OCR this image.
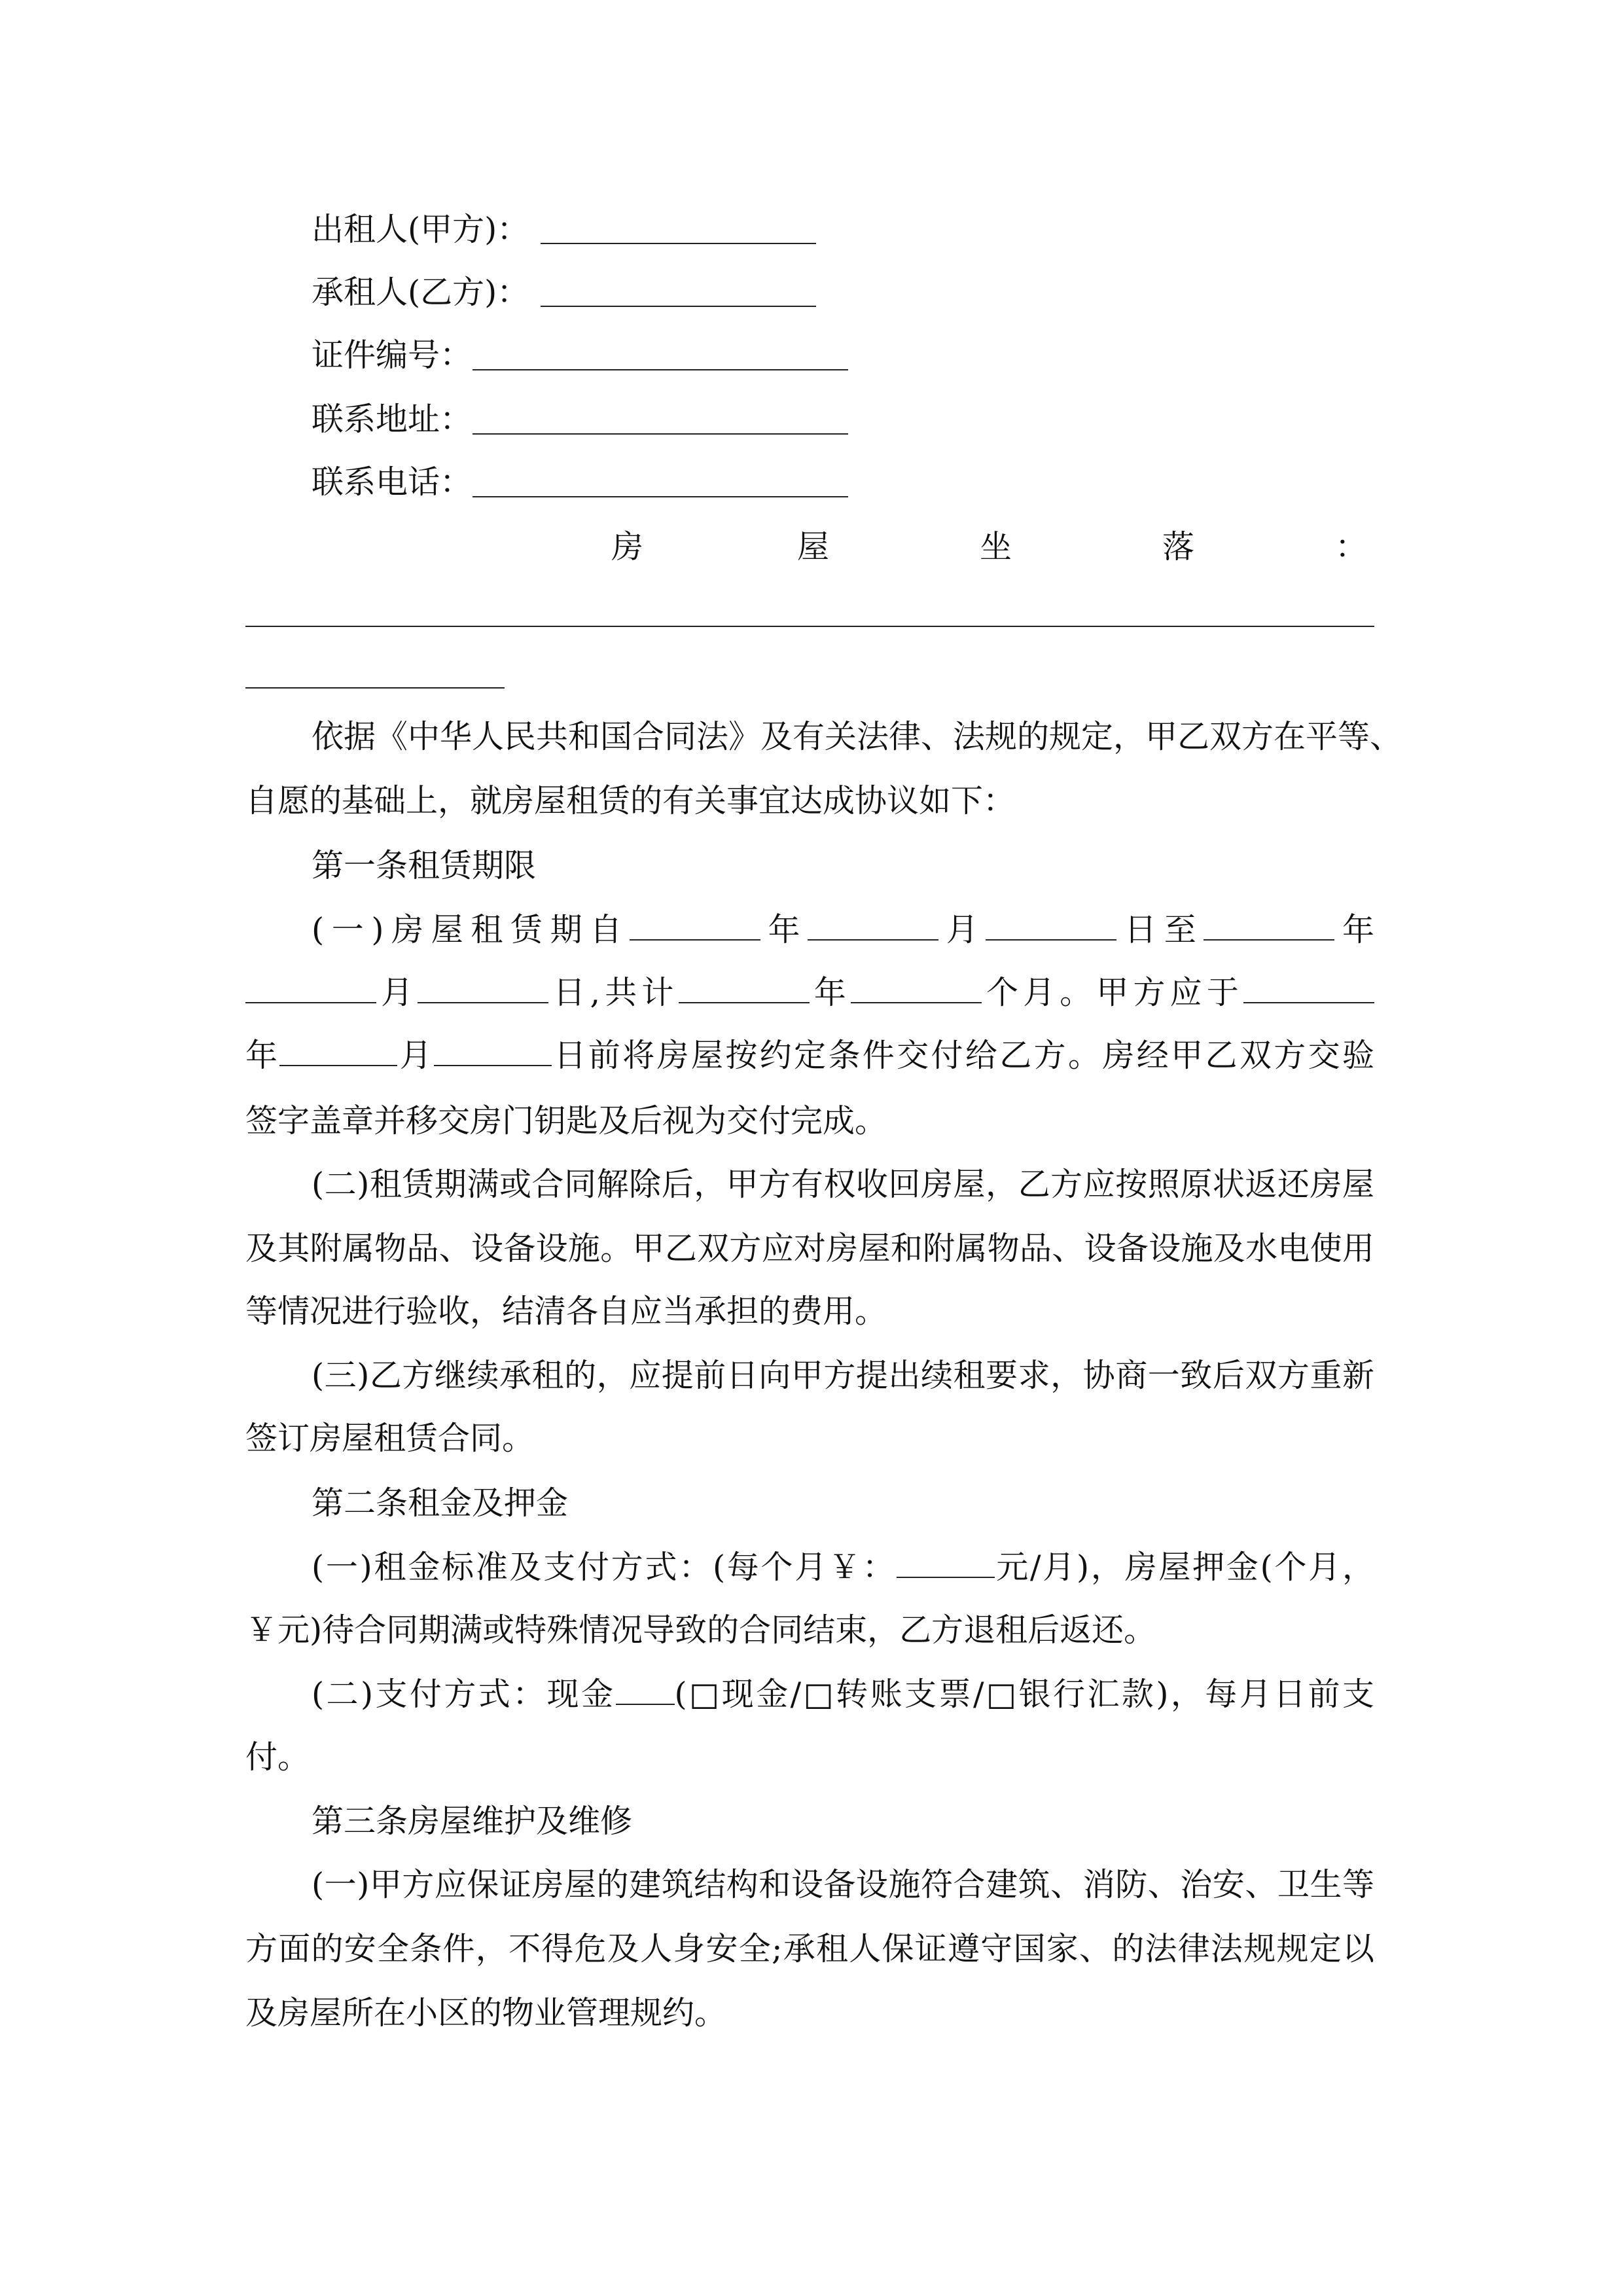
出租人(甲方)：
承租人(乙方)：
证件编号：
联系地址：
联系电话：
房	屋	坐	落	：
依据《中华人民共和国合同法》及有关法律、法规的规定，甲乙双方在平等、
自愿的基础上，就房屋租赁的有关事宜达成协议如下：
第一条租赁期限
(一)房屋租赁期自	年	月	日至	年
月	日,共计	年	个月。甲方应于
年	月	日前将房屋按约定条件交付给乙方。房经甲乙双方交验
签字盖章并移交房门钥匙及后视为交付完成。
(二)租赁期满或合同解除后，甲方有权收回房屋，乙方应按照原状返还房屋
及其附属物品、设备设施。甲乙双方应对房屋和附属物品、设备设施及水电使用
等情况进行验收，结清各自应当承担的费用。
(三)乙方继续承租的，应提前日向甲方提出续租要求，协商一致后双方重新
签订房屋租赁合同。
第二条租金及押金
(一)租金标准及支付方式：(每个月￥：	元/月)，房屋押金(个月，
￥元)待合同期满或特殊情况导致的合同结束，乙方退租后返还。
(二)支付方式：现金 (□现金/□转账支票/□银行汇款)，每月日前支
付。
第三条房屋维护及维修
(一)甲方应保证房屋的建筑结构和设备设施符合建筑、消防、治安、卫生等
方面的安全条件，不得危及人身安全;承租人保证遵守国家、的法律法规规定以
及房屋所在小区的物业管理规约。
